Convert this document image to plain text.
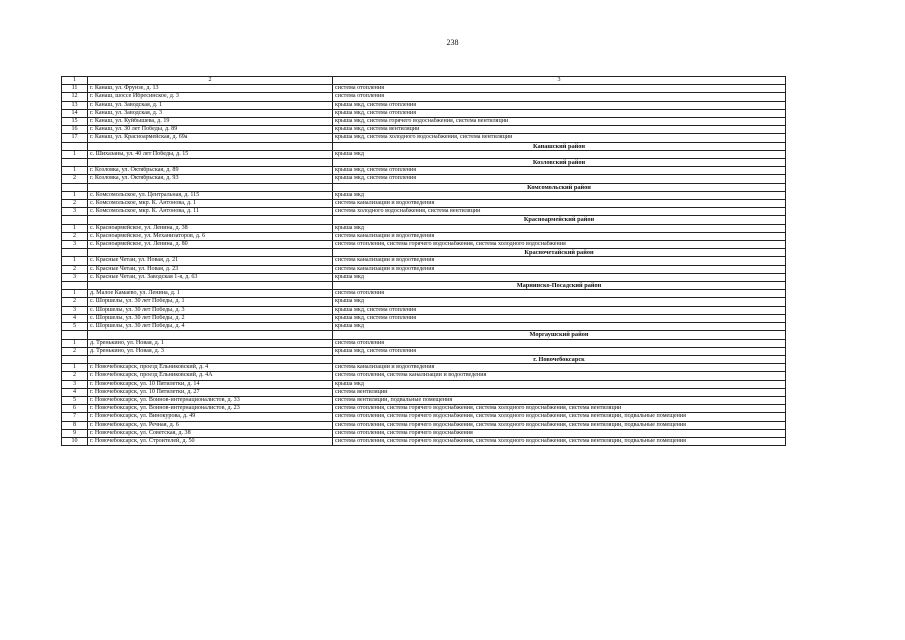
238
1	2	3
11	г. Канаш, ул. Фрунзе, д. 13	система отопления
12	г. Канаш, шоссе Ибресинское, д. 3	система отопления
13	г. Канаш, ул. Заводская, д. 1	крыша мкд, система отопления
14	г. Канаш, ул. Заводская, д. 3	крыша мкд, система отопления
15	г. Канаш, ул. Куйбышева, д. 19	крыша мкд, система горячего водоснабжения, система вентиляции
16	г. Канаш, ул. 30 лет Победы, д. 89	крыша мкд, система вентиляции
17	г. Канаш, ул. Красноармейская, д. 69а	крыша мкд, система холодного водоснабжения, система вентиляции
		Канашский район
1	с. Шихазаны, ул. 40 лет Победы, д. 15	крыша мкд
		Козловский район
1	г. Козловка, ул. Октябрьская, д. 89	крыша мкд, система отопления
2	г. Козловка, ул. Октябрьская, д. 93	крыша мкд, система отопления
		Комсомольский район
1	с. Комсомольское, ул. Центральная, д. 115	крыша мкд
2	с. Комсомольское, мкр. К. Антонова, д. 1	система канализации и водоотведения
3	с. Комсомольское, мкр. К. Антонова, д. 11	система холодного водоснабжения, система вентиляции
		Красноармейский район
1	с. Красноармейское, ул. Ленина, д. 38	крыша мкд
2	с. Красноармейское, ул. Механизаторов, д. 6	система канализации и водоотведения
3	с. Красноармейское, ул. Ленина, д. 80	система отопления, система горячего водоснабжения, система холодного водоснабжения
		Красночетайский район
1	с. Красные Четаи, ул. Новая, д. 21	система канализации и водоотведения
2	с. Красные Четаи, ул. Новая, д. 23	система канализации и водоотведения
3	с. Красные Четаи, ул. Заводская 1-я, д. 63	крыша мкд
		Мариинско-Посадский район
1	д. Малое Камаево, ул. Ленина, д. 1	система отопления
2	с. Шоршелы, ул. 30 лет Победы, д. 1	крыша мкд
3	с. Шоршелы, ул. 30 лет Победы, д. 3	крыша мкд, система отопления
4	с. Шоршелы, ул. 30 лет Победы, д. 2	крыша мкд, система отопления
5	с. Шоршелы, ул. 30 лет Победы, д. 4	крыша мкд
		Моргаушский район
1	д. Тренькино, ул. Новая, д. 1	система отопления
2	д. Тренькино, ул. Новая, д. 3	крыша мкд, система отопления
		г. Новочебоксарск
1	г. Новочебоксарск, проезд Ельниковский, д. 4	система канализации и водоотведения
2	г. Новочебоксарск, проезд Ельниковский, д. 4А	система отопления, система канализации и водоотведения
3	г. Новочебоксарск, ул. 10 Пятилетки, д. 14	крыша мкд
4	г. Новочебоксарск, ул. 10 Пятилетки, д. 27	система вентиляции
5	г. Новочебоксарск, ул. Воинов-интернационалистов, д. 33	система вентиляции, подвальные помещения
6	г. Новочебоксарск, ул. Воинов-интернационалистов, д. 23	система отопления, система горячего водоснабжения, система холодного водоснабжения, система вентиляции
7	г. Новочебоксарск, ул. Винокурова, д. 49	система отопления, система горячего водоснабжения, система холодного водоснабжения, система вентиляции, подвальные помещения
8	г. Новочебоксарск, ул. Речная, д. 6	система отопления, система горячего водоснабжения, система холодного водоснабжения, система вентиляции, подвальные помещения
9	г. Новочебоксарск, ул. Советская, д. 38	система отопления, система горячего водоснабжения
10	г. Новочебоксарск, ул. Строителей, д. 50	система отопления, система горячего водоснабжения, система холодного водоснабжения, система вентиляции, подвальные помещения
